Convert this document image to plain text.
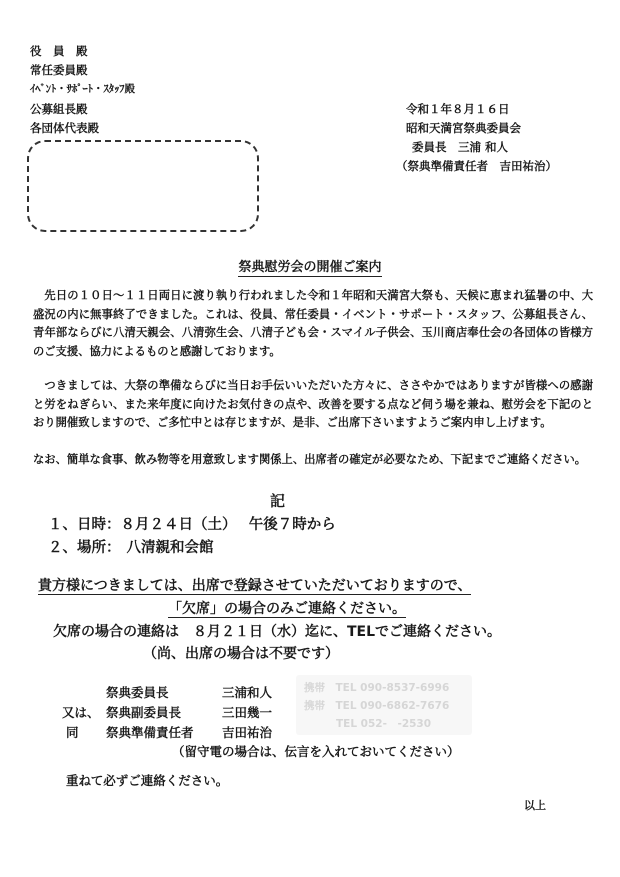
役　員　殿
常任委員殿
ｲﾍﾞﾝﾄ・ｻﾎﾟｰﾄ・ｽﾀｯﾌ殿
公募組長殿
各団体代表殿
令和１年８月１６日
昭和天満宮祭典委員会
委員長　三浦 和人
（祭典準備責任者　吉田祐治）
祭典慰労会の開催ご案内
　先日の１０日～１１日両日に渡り執り行われました令和１年昭和天満宮大祭も、天候に恵まれ猛暑の中、大盛況の内に無事終了できました。これは、役員、常任委員・イベント・サポート・スタッフ、公募組長さん、青年部ならびに八清天親会、八清弥生会、八清子ども会・スマイル子供会、玉川商店奉仕会の各団体の皆様方のご支援、協力によるものと感謝しております。
　つきましては、大祭の準備ならびに当日お手伝いいただいた方々に、ささやかではありますが皆様への感謝と労をねぎらい、また来年度に向けたお気付きの点や、改善を要する点など伺う場を兼ね、慰労会を下記のとおり開催致しますので、ご多忙中とは存じますが、是非、ご出席下さいますようご案内申し上げます。
なお、簡単な食事、飲み物等を用意致します関係上、出席者の確定が必要なため、下記までご連絡ください。
記
１、日時：８月２４日（土）　 午後７時から
２、場所： 八清親和会館
貴方様につきましては、出席で登録させていただいておりますので、
「欠席」の場合のみご連絡ください。
欠席の場合の連絡は　８月２１日（水）迄に、TELでご連絡ください。
（尚、出席の場合は不要です）
携帯　TEL 090-8537-6996
携帯　TEL 090-6862-7676
TEL 052-　-2530
祭典委員長	三浦和人
又は、 祭典副委員長	三田幾一
同 祭典準備責任者 吉田祐治
（留守電の場合は、伝言を入れておいてください）
重ねて必ずご連絡ください。
以上
